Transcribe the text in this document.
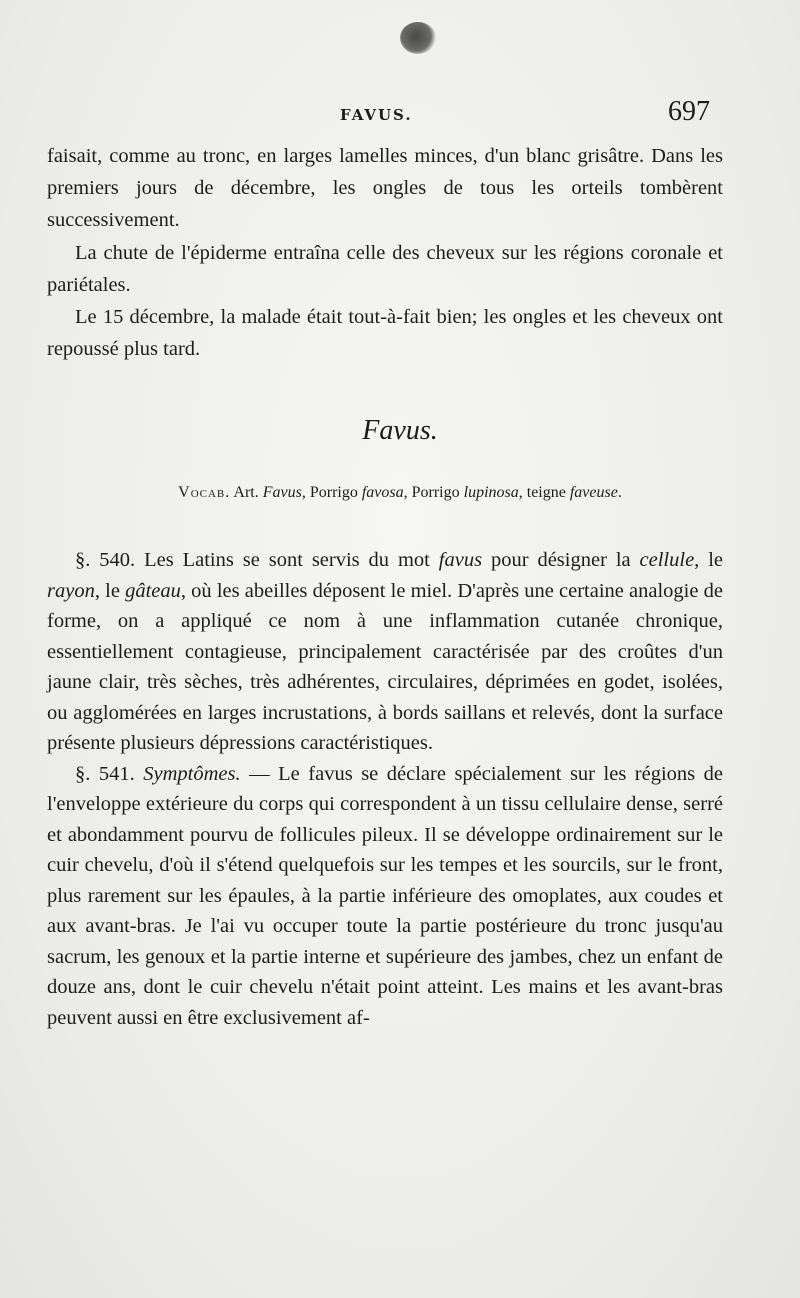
FAVUS.	697

faisait, comme au tronc, en larges lamelles minces, d'un blanc grisâtre. Dans les premiers jours de décembre, les ongles de tous les orteils tombèrent successivement.

La chute de l'épiderme entraîna celle des cheveux sur les régions coronale et pariétales.

Le 15 décembre, la malade était tout-à-fait bien; les ongles et les cheveux ont repoussé plus tard.

Favus.
Vocab. Art. Favus, Porrigo favosa, Porrigo lupinosa, teigne faveuse.

§. 540. Les Latins se sont servis du mot favus pour désigner la cellule, le rayon, le gâteau, où les abeilles déposent le miel. D'après une certaine analogie de forme, on a appliqué ce nom à une inflammation cutanée chronique, essentiellement contagieuse, principalement caractérisée par des croûtes d'un jaune clair, très sèches, très adhérentes, circulaires, déprimées en godet, isolées, ou agglomérées en larges incrustations, à bords saillans et relevés, dont la surface présente plusieurs dépressions caractéristiques.

§. 541. Symptômes. — Le favus se déclare spécialement sur les régions de l'enveloppe extérieure du corps qui correspondent à un tissu cellulaire dense, serré et abondamment pourvu de follicules pileux. Il se développe ordinairement sur le cuir chevelu, d'où il s'étend quelquefois sur les tempes et les sourcils, sur le front, plus rarement sur les épaules, à la partie inférieure des omoplates, aux coudes et aux avant-bras. Je l'ai vu occuper toute la partie postérieure du tronc jusqu'au sacrum, les genoux et la partie interne et supérieure des jambes, chez un enfant de douze ans, dont le cuir chevelu n'était point atteint. Les mains et les avant-bras peuvent aussi en être exclusivement af-
